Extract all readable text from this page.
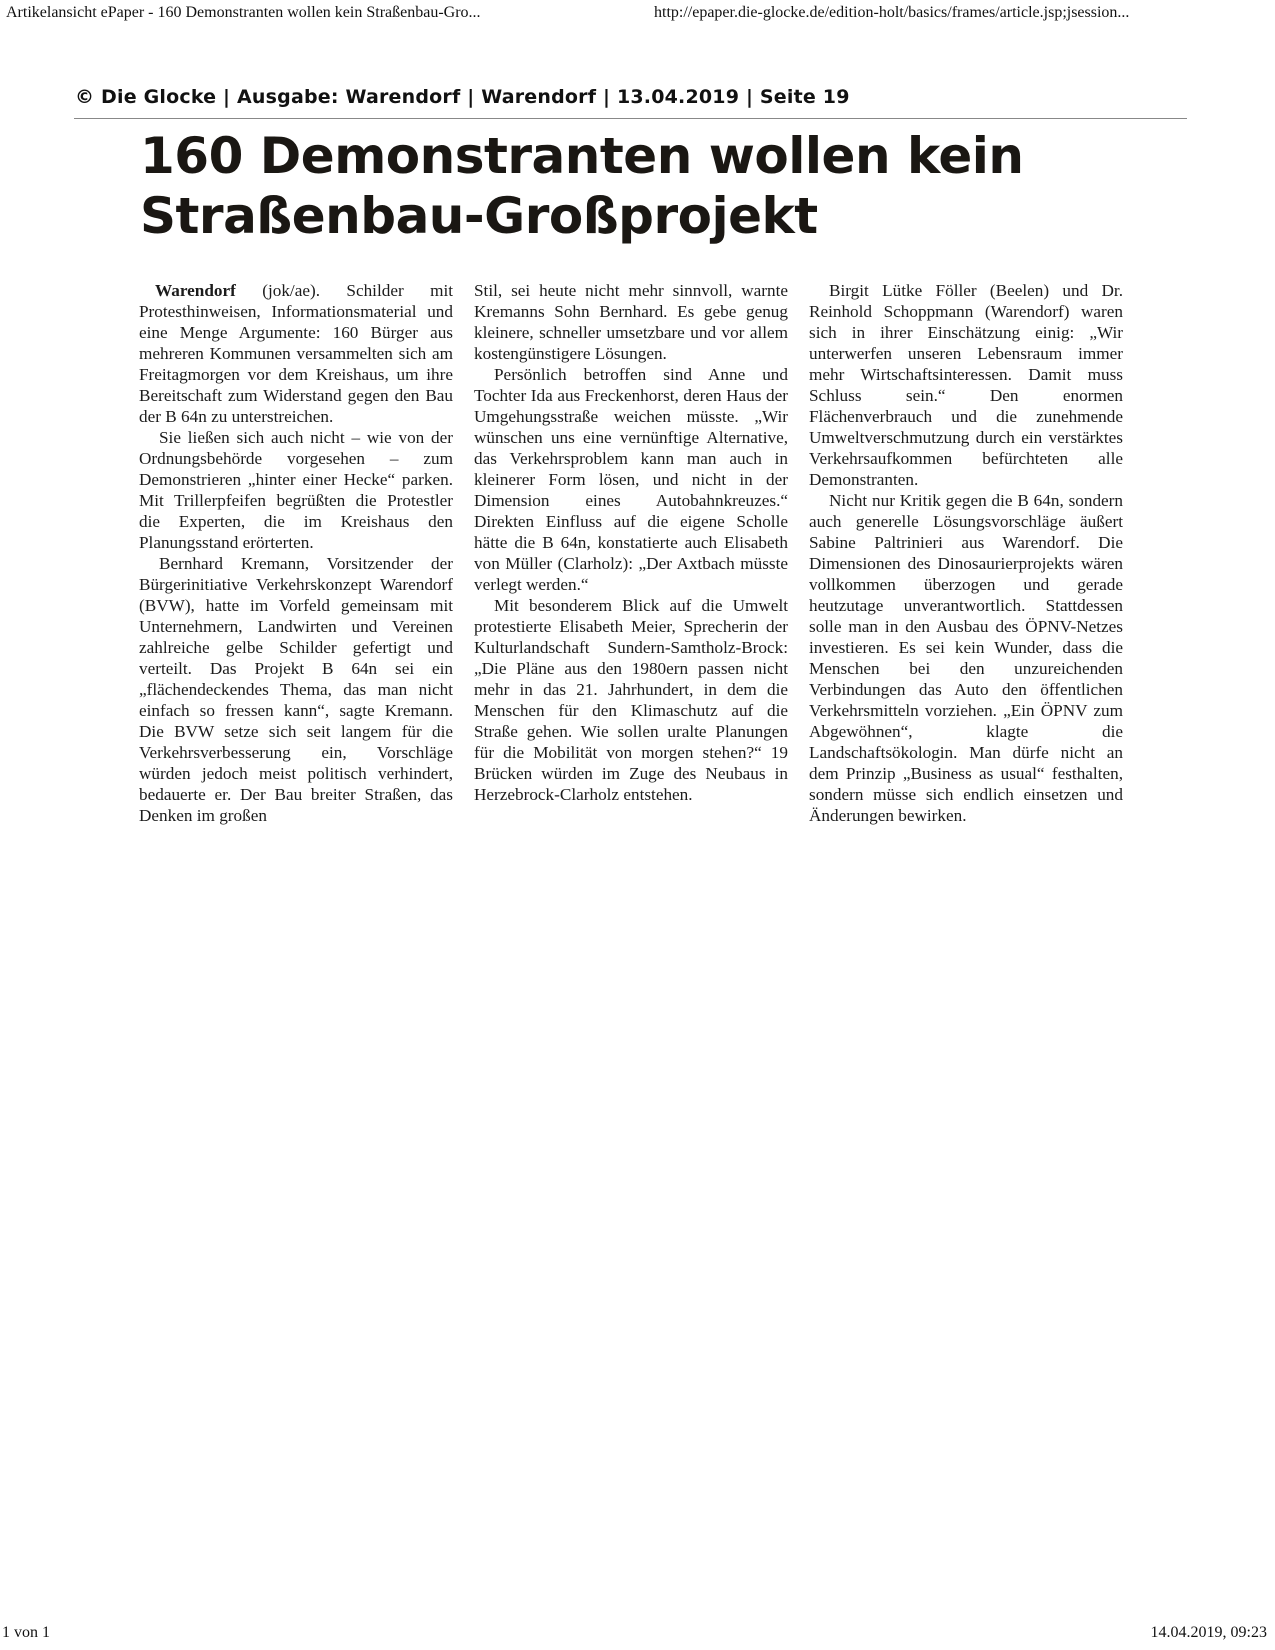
Artikelansicht ePaper - 160 Demonstranten wollen kein Straßenbau-Gro...	http://epaper.die-glocke.de/edition-holt/basics/frames/article.jsp;jsession...
© Die Glocke | Ausgabe: Warendorf | Warendorf | 13.04.2019 | Seite 19
160 Demonstranten wollen kein Straßenbau-Großprojekt

Warendorf (jok/ae). Schilder mit Protesthinweisen, Informationsmaterial und eine Menge Argumente: 160 Bürger aus mehreren Kommunen versammelten sich am Freitagmorgen vor dem Kreishaus, um ihre Bereitschaft zum Widerstand gegen den Bau der B 64n zu unterstreichen.

Sie ließen sich auch nicht – wie von der Ordnungsbehörde vorgesehen – zum Demonstrieren „hinter einer Hecke“ parken. Mit Trillerpfeifen begrüßten die Protestler die Experten, die im Kreishaus den Planungsstand erörterten.

Bernhard Kremann, Vorsitzender der Bürgerinitiative Verkehrskonzept Warendorf (BVW), hatte im Vorfeld gemeinsam mit Unternehmern, Landwirten und Vereinen zahlreiche gelbe Schilder gefertigt und verteilt. Das Projekt B 64n sei ein „flächendeckendes Thema, das man nicht einfach so fressen kann“, sagte Kremann. Die BVW setze sich seit langem für die Verkehrsverbesserung ein, Vorschläge würden jedoch meist politisch verhindert, bedauerte er. Der Bau breiter Straßen, das Denken im großen

Stil, sei heute nicht mehr sinnvoll, warnte Kremanns Sohn Bernhard. Es gebe genug kleinere, schneller umsetzbare und vor allem kostengünstigere Lösungen.

Persönlich betroffen sind Anne und Tochter Ida aus Freckenhorst, deren Haus der Umgehungsstraße weichen müsste. „Wir wünschen uns eine vernünftige Alternative, das Verkehrsproblem kann man auch in kleinerer Form lösen, und nicht in der Dimension eines Autobahnkreuzes.“ Direkten Einfluss auf die eigene Scholle hätte die B 64n, konstatierte auch Elisabeth von Müller (Clarholz): „Der Axtbach müsste verlegt werden.“

Mit besonderem Blick auf die Umwelt protestierte Elisabeth Meier, Sprecherin der Kulturlandschaft Sundern-Samtholz-Brock: „Die Pläne aus den 1980ern passen nicht mehr in das 21. Jahrhundert, in dem die Menschen für den Klimaschutz auf die Straße gehen. Wie sollen uralte Planungen für die Mobilität von morgen stehen?“ 19 Brücken würden im Zuge des Neubaus in Herzebrock-Clarholz entstehen.

Birgit Lütke Föller (Beelen) und Dr. Reinhold Schoppmann (Warendorf) waren sich in ihrer Einschätzung einig: „Wir unterwerfen unseren Lebensraum immer mehr Wirtschaftsinteressen. Damit muss Schluss sein.“ Den enormen Flächenverbrauch und die zunehmende Umweltverschmutzung durch ein verstärktes Verkehrsaufkommen befürchteten alle Demonstranten.

Nicht nur Kritik gegen die B 64n, sondern auch generelle Lösungsvorschläge äußert Sabine Paltrinieri aus Warendorf. Die Dimensionen des Dinosaurierprojekts wären vollkommen überzogen und gerade heutzutage unverantwortlich. Stattdessen solle man in den Ausbau des ÖPNV-Netzes investieren. Es sei kein Wunder, dass die Menschen bei den unzureichenden Verbindungen das Auto den öffentlichen Verkehrsmitteln vorziehen. „Ein ÖPNV zum Abgewöhnen“, klagte die Landschaftsökologin. Man dürfe nicht an dem Prinzip „Business as usual“ festhalten, sondern müsse sich endlich einsetzen und Änderungen bewirken.

1 von 1	14.04.2019, 09:23
